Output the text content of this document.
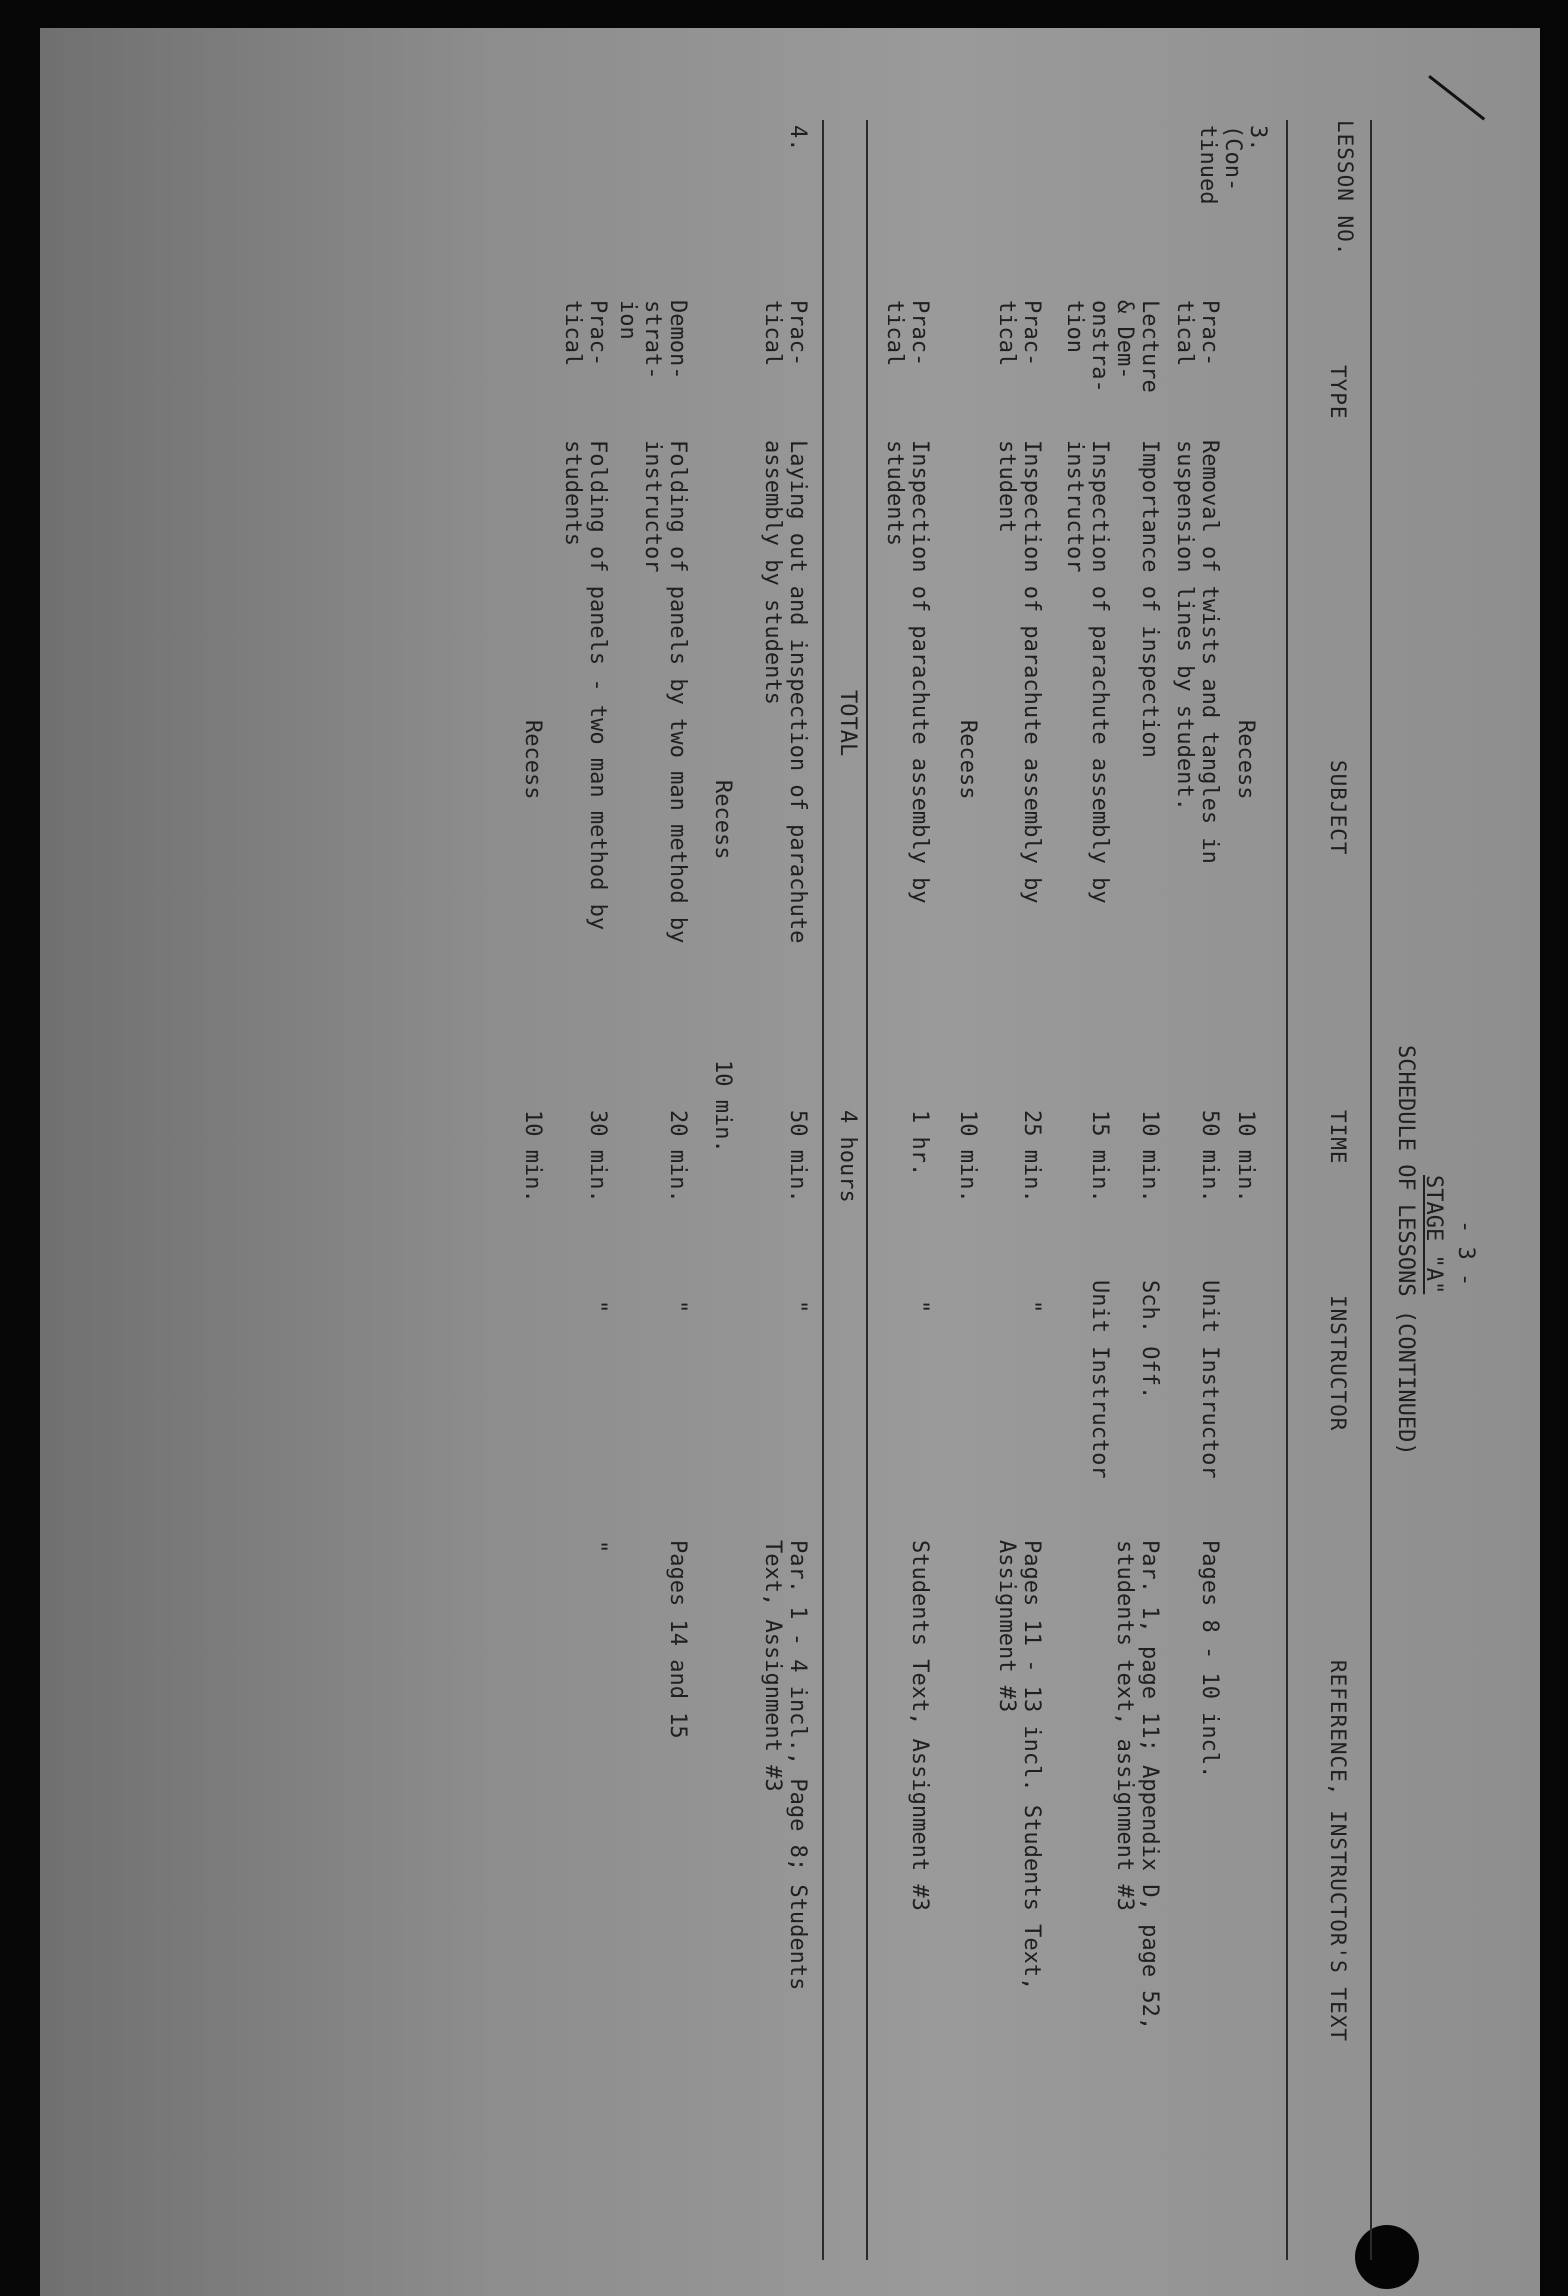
- 3 -
STAGE "A"
SCHEDULE OF LESSONS (CONTINUED)
LESSON NO.
TYPE
SUBJECT
TIME
INSTRUCTOR
REFERENCE, INSTRUCTOR'S TEXT
3.
(Con-
tinued
Recess
10 min.
Prac-
tical
Removal of twists and tangles in
suspension lines by student.
50 min.
Unit Instructor
Pages 8 - 10 incl.
Lecture
& Dem-
onstra-
tion
Importance of inspection

Inspection of parachute assembly by
instructor
10 min.

15 min.
Sch. Off.

Unit Instructor
Par. 1, page 11; Appendix D, page 52,
students text, assignment #3
Prac-
tical
Inspection of parachute assembly by
student
25 min.
"
Pages 11 - 13 incl. Students Text,
Assignment #3
Recess
10 min.
Prac-
tical
Inspection of parachute assembly by
students
1 hr.
"
Students Text, Assignment #3
TOTAL
4 hours
4.
Prac-
tical
Laying out and inspection of parachute
assembly by students
50 min.
"
Par. 1 - 4 incl., Page 8; Students
Text, Assignment #3
Recess
10 min.
Demon-
strat-
ion
Folding of panels by two man method by
instructor
20 min.
"
Pages 14 and 15
Prac-
tical
Folding of panels - two man method by
students
30 min.
"
"
Recess
10 min.
